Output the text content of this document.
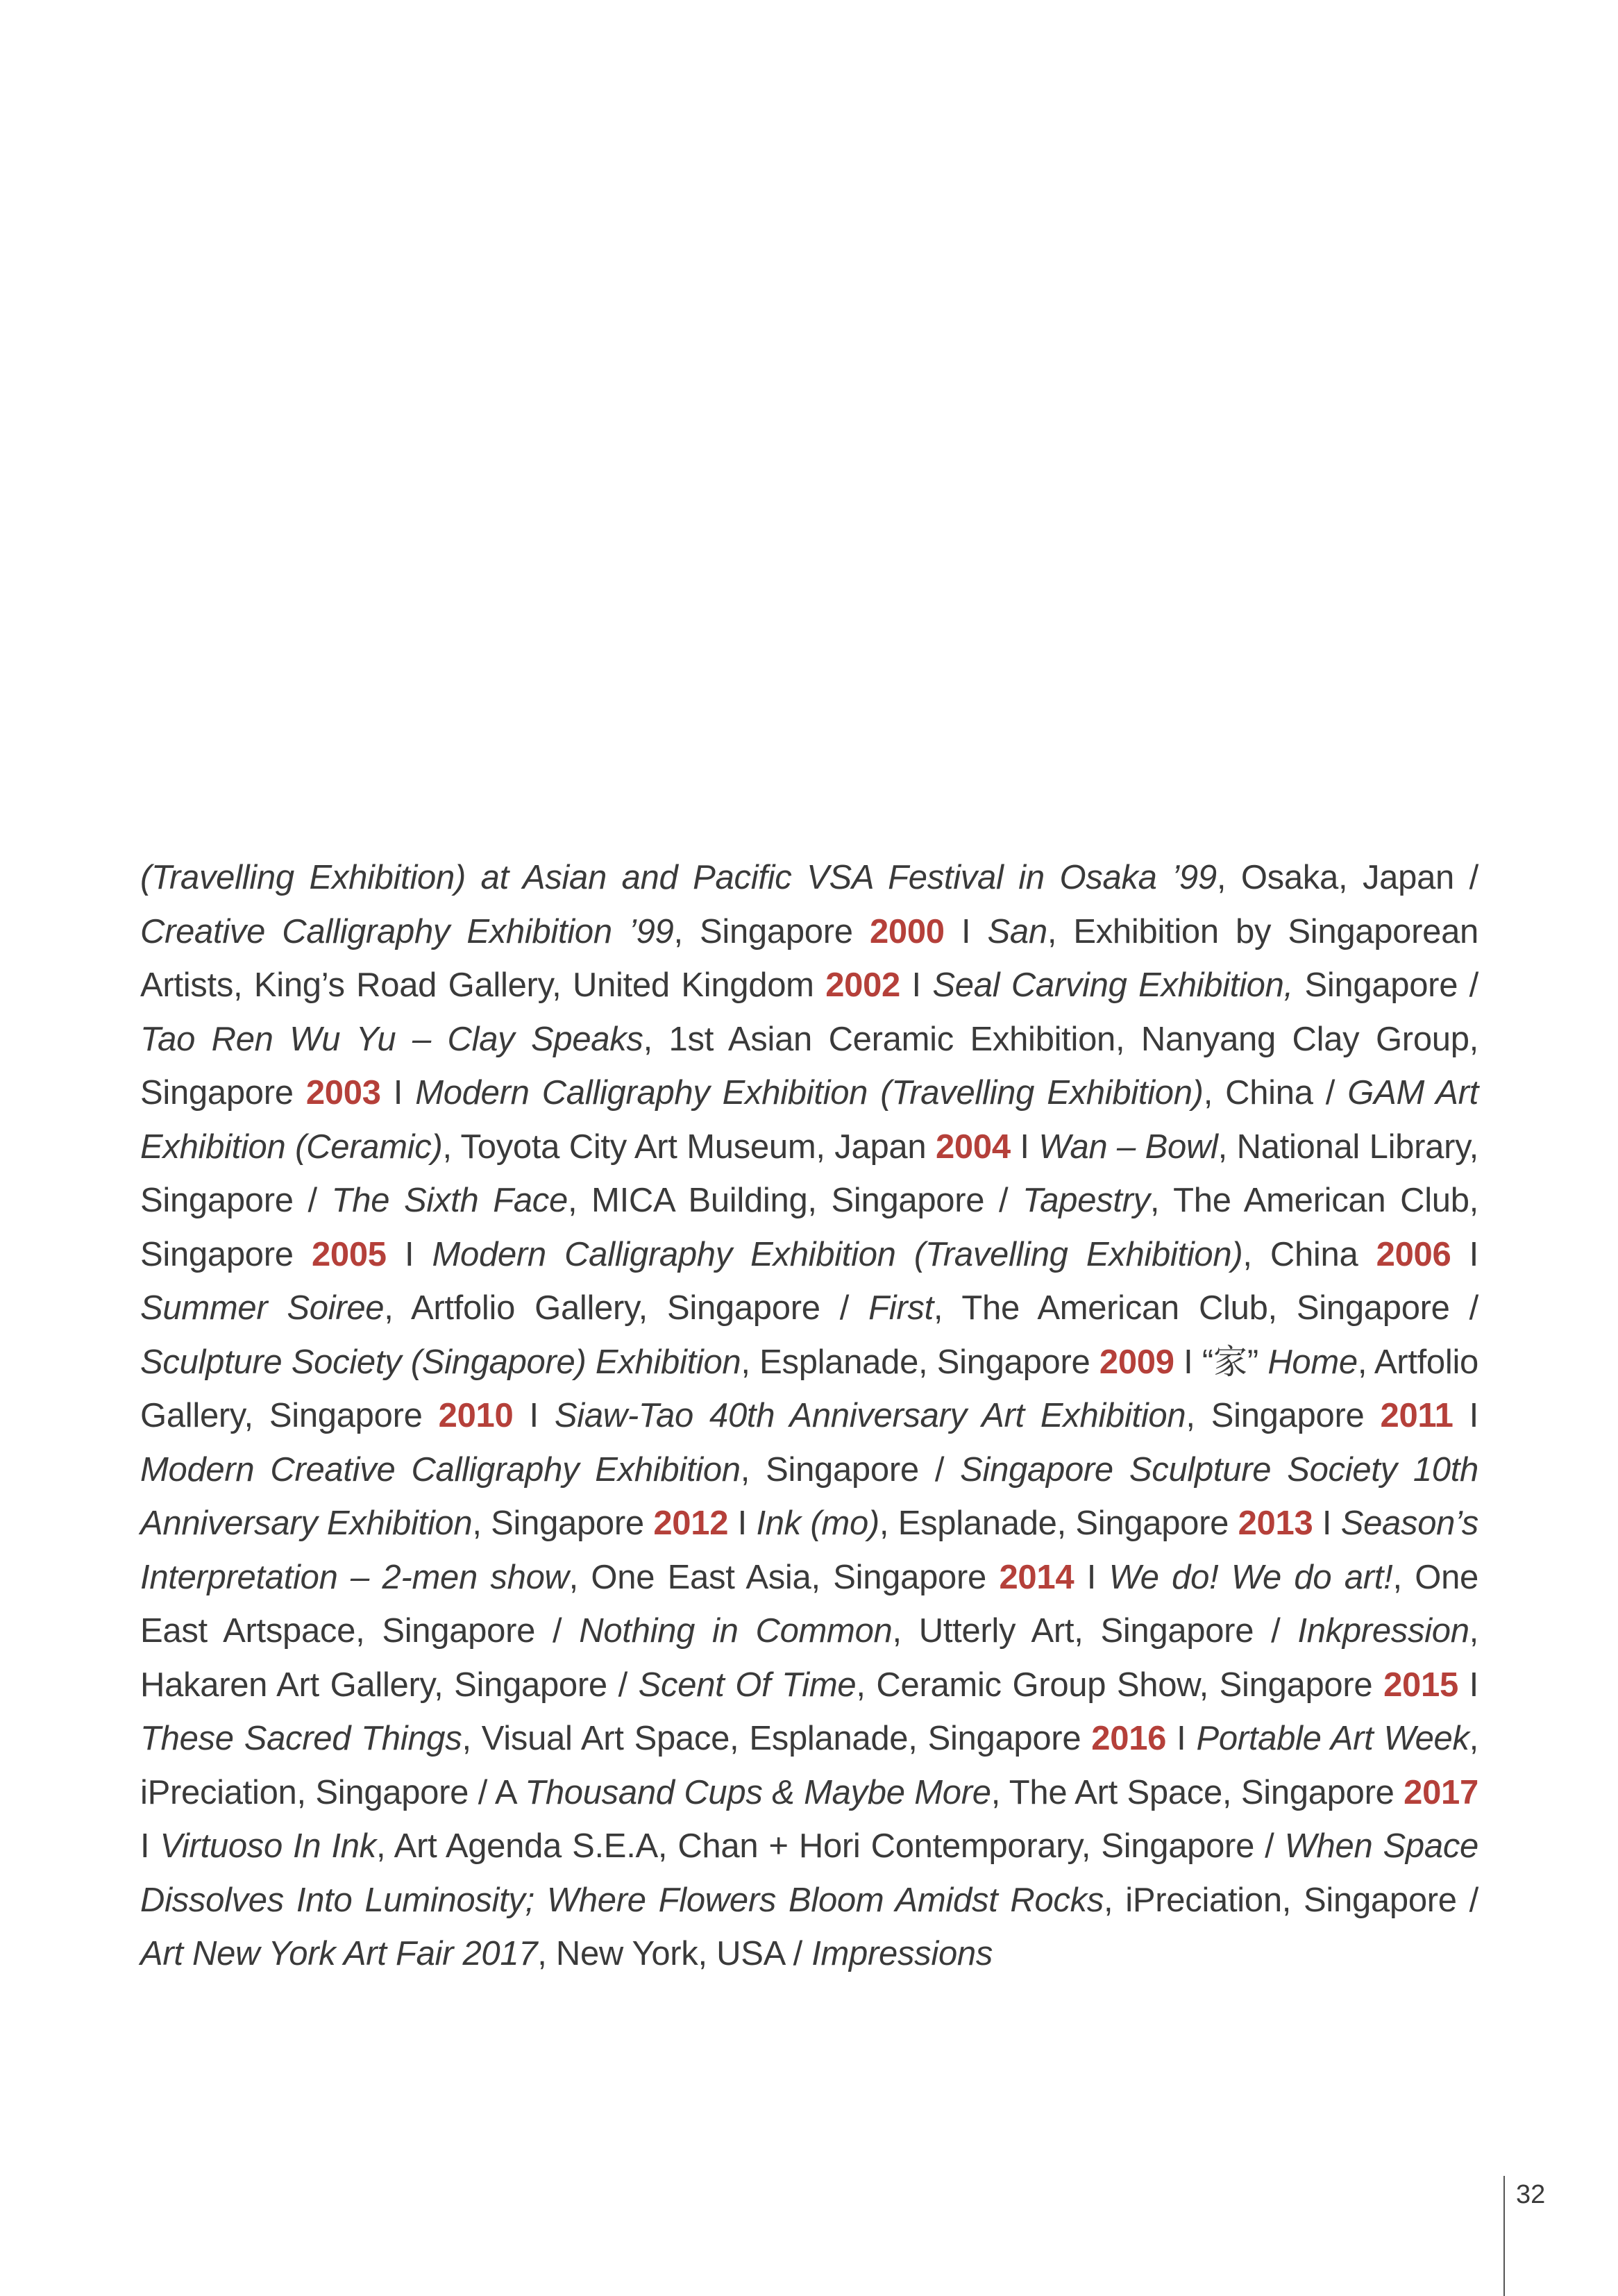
(Travelling Exhibition) at Asian and Pacific VSA Festival in Osaka ’99, Osaka, Japan / Creative Calligraphy Exhibition ’99, Singapore 2000 I San, Exhibition by Singaporean Artists, King’s Road Gallery, United Kingdom 2002 I Seal Carving Exhibition, Singapore / Tao Ren Wu Yu – Clay Speaks, 1st Asian Ceramic Exhibition, Nanyang Clay Group, Singapore 2003 I Modern Calligraphy Exhibition (Travelling Exhibition), China / GAM Art Exhibition (Ceramic), Toyota City Art Museum, Japan 2004 I Wan – Bowl, National Library, Singapore / The Sixth Face, MICA Building, Singapore / Tapestry, The American Club, Singapore 2005 I Modern Calligraphy Exhibition (Travelling Exhibition), China 2006 I Summer Soiree, Artfolio Gallery, Singapore / First, The American Club, Singapore / Sculpture Society (Singapore) Exhibition, Esplanade, Singapore 2009 I “家” Home, Artfolio Gallery, Singapore 2010 I Siaw-Tao 40th Anniversary Art Exhibition, Singapore 2011 I Modern Creative Calligraphy Exhibition, Singapore / Singapore Sculpture Society 10th Anniversary Exhibition, Singapore 2012 I Ink (mo), Esplanade, Singapore 2013 I Season’s Interpretation – 2-men show, One East Asia, Singapore 2014 I We do! We do art!, One East Artspace, Singapore / Nothing in Common, Utterly Art, Singapore / Inkpression, Hakaren Art Gallery, Singapore / Scent Of Time, Ceramic Group Show, Singapore 2015 I These Sacred Things, Visual Art Space, Esplanade, Singapore 2016 I Portable Art Week, iPreciation, Singapore / A Thousand Cups & Maybe More, The Art Space, Singapore 2017 I Virtuoso In Ink, Art Agenda S.E.A, Chan + Hori Contemporary, Singapore / When Space Dissolves Into Luminosity; Where Flowers Bloom Amidst Rocks, iPreciation, Singapore / Art New York Art Fair 2017, New York, USA / Impressions
32
